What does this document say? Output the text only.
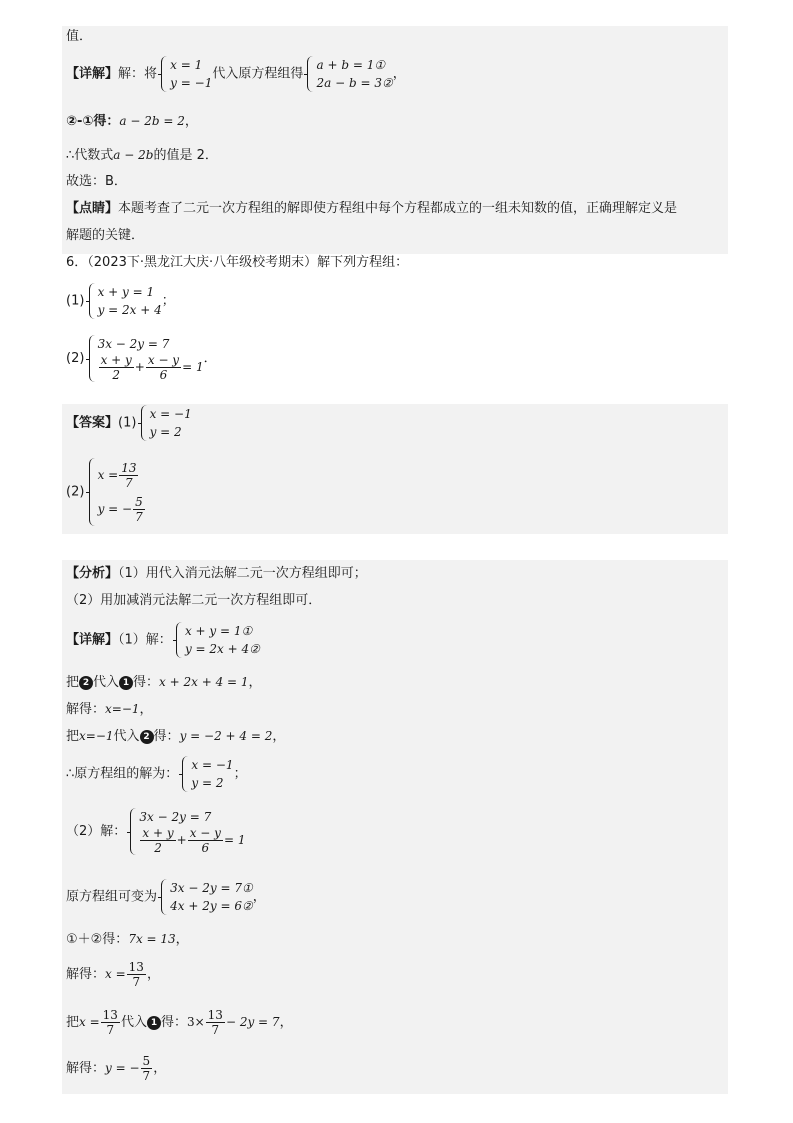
值．
【详解】解：将
x = 1
y = −1
代入原方程组得
a + b = 1①
2a − b = 3②
，
②-①得：a − 2b = 2，
∴代数式a − 2b的值是 2．
故选：B．
【点睛】本题考查了二元一次方程组的解即使方程组中每个方程都成立的一组未知数的值，正确理解定义是
解题的关键．
6．（2023下·黑龙江大庆·八年级校考期末）解下列方程组：
(1)
x + y = 1
y = 2x + 4
；
(2)
3x − 2y = 7
$\frac{x + y}{2} + \frac{x - y}{6} = 1$
．
【答案】(1)
x = −1
y = 2
(2)
$x = \frac{13}{7}$
y = − $\frac{5}{7}$
【分析】（1）用代入消元法解二元一次方程组即可；
（2）用加减消元法解二元一次方程组即可．
【详解】（1）解：
x + y = 1①
y = 2x + 4②
把 2 代入 1 得：x + 2x + 4 = 1，
解得：x=−1，
把x=−1代入 2 得：y = −2 + 4 = 2，
∴原方程组的解为：
x = −1
y = 2
；
（2）解：
3x − 2y = 7
$\frac{x + y}{2} + \frac{x - y}{6} = 1$
原方程组可变为
3x − 2y = 7①
4x + 2y = 6②
，
①＋②得：7x = 13，
解得：$x = \frac{13}{7}$ ，
把$x = \frac{13}{7}$ 代入 1 得：$3\times \frac{13}{7} - 2y = 7$，
解得：y = − $\frac{5}{7}$ ，
